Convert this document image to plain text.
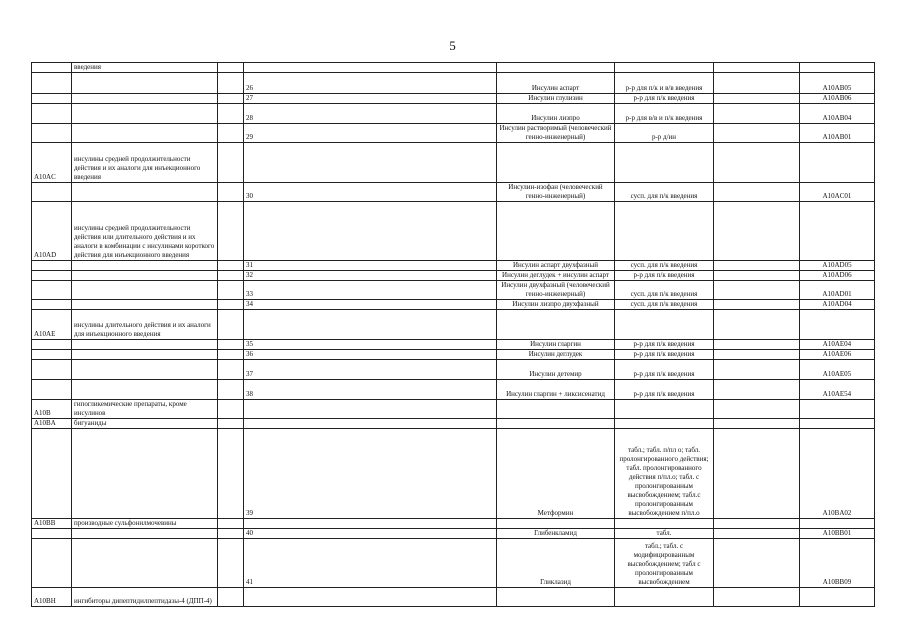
5
	введения						
			26	Инсулин аспарт	р-р для п/к и в/в введения		A10AB05
			27	Инсулин глулизин	р-р для п/к введения		A10AB06
			28	Инсулин лизпро	р-р для в/в и п/к введения		A10AB04
			29	Инсулин растворимый (человеческий генно-инженерный)	р-р д/ин		A10AB01
A10AC	инсулины средней продолжительности действия и их аналоги для инъекционного введения						
			30	Инсулин-изофан (человеческий генно-инженерный)	сусп. для п/к введения		A10AC01
A10AD	инсулины средней продолжительности действия или длительного действия и их аналоги в комбинации с инсулинами короткого действия для инъекционного введения						
			31	Инсулин аспарт двухфазный	сусп. для п/к введения		A10AD05
			32	Инсулин деглудек + инсулин аспарт	р-р для п/к введения		A10AD06
			33	Инсулин двухфазный (человеческий генно-инженерный)	сусп. для п/к введения		A10AD01
			34	Инсулин лизпро двухфазный	сусп. для п/к введения		A10AD04
A10AE	инсулины длительного действия и их аналоги для инъекционного введения						
			35	Инсулин гларгин	р-р для п/к введения		A10AE04
			36	Инсулин деглудек	р-р для п/к введения		A10AE06
			37	Инсулин детемир	р-р для п/к введения		A10AE05
			38	Инсулин гларгин + ликсисенатид	р-р для п/к введения		A10AE54
A10B	гипогликемические препараты, кроме инсулинов						
A10BA	бигуаниды						
			39	Метформин	табл.; табл. п/пл о; табл. пролонгированного действия; табл. пролонгированного действия п/пл.о; табл. с пролонгированным высвобождением; табл.с пролонгированным высвобождением п/пл.о		A10BA02
A10BB	производные сульфонилмочевины						
			40	Глибенкламид	табл.		A10BB01
			41	Гликлазид	табл.; табл. с модифицированным высвобождением; табл с пролонгированным высвобождением		A10BB09
A10BH	ингибиторы дипептидилпептидазы-4 (ДПП-4)						
